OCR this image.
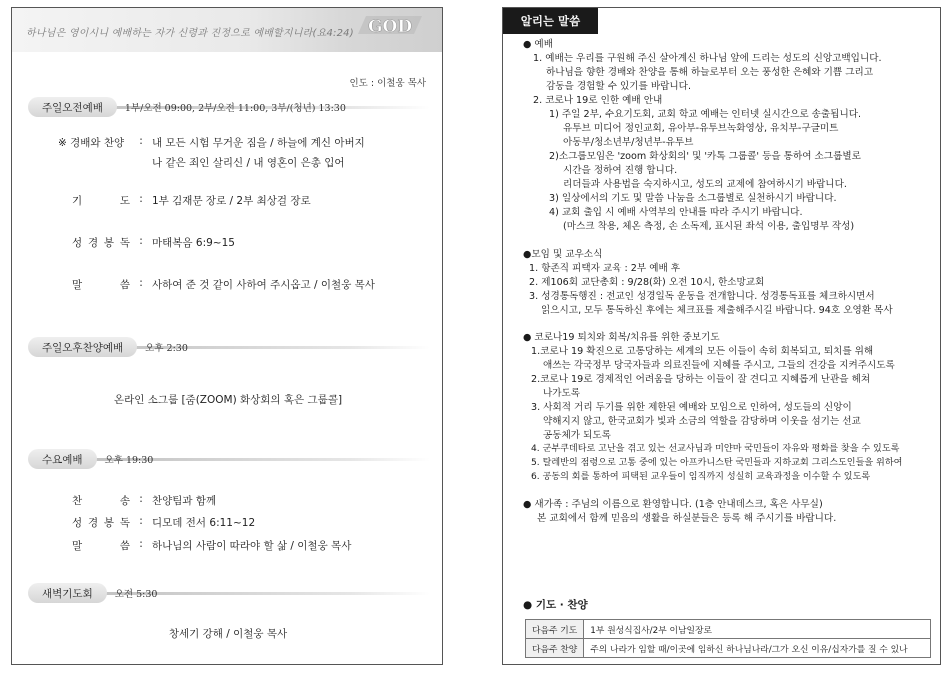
하나님은 영이시니 예배하는 자가 신령과 진정으로 예배할지니라(요4:24) GOD
인도 : 이철웅 목사
주일오전예배	1부/오전 09:00, 2부/오전 11:00, 3부/(청년) 13:30
※ 경배와 찬양	: 내 모든 시험 무거운 짐을 / 하늘에 계신 아버지
나 같은 죄인 살리신 / 내 영혼이 은총 입어
기 도 : 1부 김재문 장로 / 2부 최상걸 장로
성 경 봉 독 : 마태복음 6:9~15
말 씀 : 사하여 준 것 같이 사하여 주시옵고 / 이철웅 목사
주일오후찬양예배	오후 2:30
온라인 소그룹 [줌(ZOOM) 화상회의 혹은 그룹콜]
수요예배	오후 19:30
찬 송 : 찬양팀과 함께
성 경 봉 독 : 디모데 전서 6:11~12
말 씀 : 하나님의 사람이 따라야 할 삶 / 이철웅 목사
새벽기도회	오전 5:30
창세기 강해 / 이철웅 목사
알리는 말씀
● 예배
1. 예배는 우리를 구원해 주신 살아계신 하나님 앞에 드리는 성도의 신앙고백입니다.
하나님을 향한 경배와 찬양을 통해 하늘로부터 오는 풍성한 은혜와 기쁨 그리고
감동을 경험할 수 있기를 바랍니다.
2. 코로나 19로 인한 예배 안내
1) 주일 2부, 수요기도회, 교회 학교 예배는 인터넷 실시간으로 송출됩니다.
유투브 미디어 정인교회, 유아부-유투브녹화영상, 유치부-구글미트
아동부/청소년부/청년부-유투브
2)소그룹모임은 'zoom 화상회의' 및 '카톡 그룹콜' 등을 통하여 소그룹별로
시간을 정하여 진행 합니다.
리더들과 사용법을 숙지하시고, 성도의 교제에 참여하시기 바랍니다.
3) 일상에서의 기도 및 말씀 나눔을 소그룹별로 실천하시기 바랍니다.
4) 교회 출입 시 예배 사역부의 안내를 따라 주시기 바랍니다.
(마스크 착용, 체온 측정, 손 소독제, 표시된 좌석 이용, 출입명부 작성)
●모임 및 교우소식
1. 항존직 피택자 교육 : 2부 예배 후
2. 제106회 교단총회 : 9/28(화) 오전 10시, 한소망교회
3. 성경통독행진 : 전교인 성경일독 운동을 전개합니다. 성경통독표를 체크하시면서
읽으시고, 모두 통독하신 후에는 체크표를 제출해주시길 바랍니다. 94호 오영환 목사
● 코로나19 퇴치와 회복/치유를 위한 중보기도
1.코로나 19 확진으로 고통당하는 세계의 모든 이들이 속히 회복되고, 퇴치를 위해
애쓰는 각국정부 당국자들과 의료진들에 지혜를 주시고, 그들의 건강을 지켜주시도록
2.코로나 19로 경제적인 어려움을 당하는 이들이 잘 견디고 지혜롭게 난관을 헤쳐
나가도록
3. 사회적 거리 두기를 위한 제한된 예배와 모임으로 인하여, 성도들의 신앙이
약해지지 않고, 한국교회가 빛과 소금의 역할을 감당하며 이웃을 섬기는 선교
공동체가 되도록
4. 군부쿠데타로 고난을 겪고 있는 선교사님과 미얀마 국민들이 자유와 평화를 찾을 수 있도록
5. 탈레반의 점령으로 고통 중에 있는 아프카니스탄 국민들과 지하교회 그리스도인들을 위하여
6. 공동의 회를 통하여 피택된 교우들이 임직까지 성실히 교육과정을 이수할 수 있도록
● 새가족 : 주님의 이름으로 환영합니다. (1층 안내데스크, 혹은 사무실)
본 교회에서 함께 믿음의 생활을 하실분들은 등록 해 주시기를 바랍니다.
● 기도 · 찬양
다음주 기도	1부 원성식집사/2부 이남일장로
다음주 찬양	주의 나라가 임할 때/이곳에 임하신 하나님나라/그가 오신 이유/십자가를 질 수 있나
